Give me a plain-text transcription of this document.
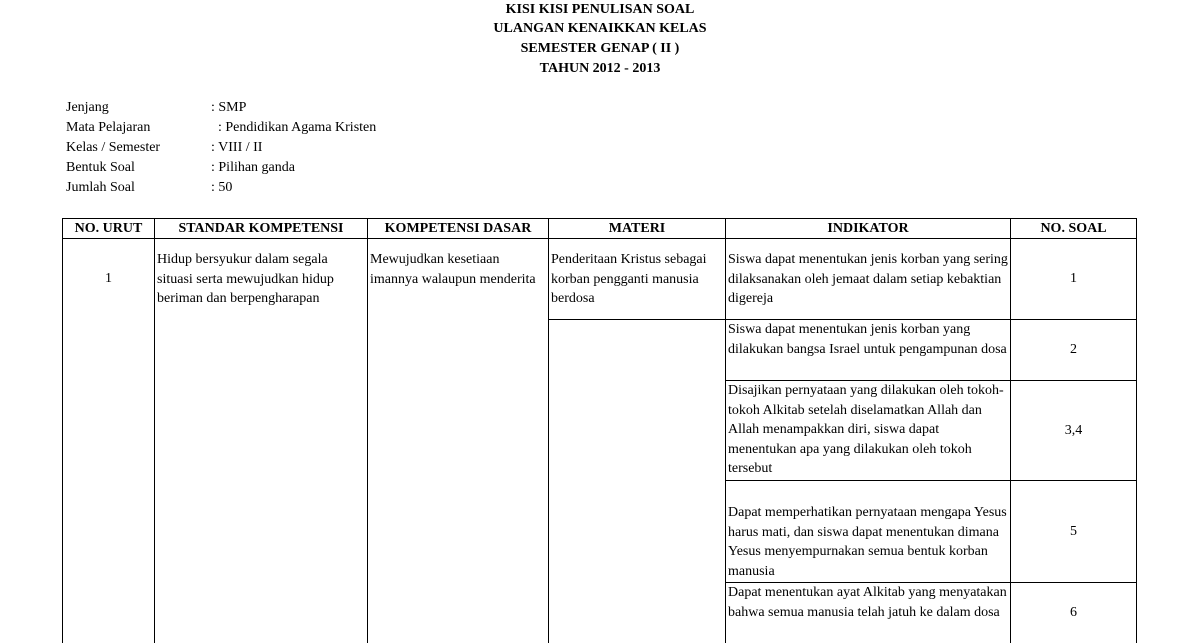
KISI KISI PENULISAN SOAL
ULANGAN KENAIKKAN KELAS
SEMESTER GENAP ( II )
TAHUN 2012 - 2013
Jenjang	: SMP
Mata Pelajaran	: Pendidikan Agama Kristen
Kelas / Semester	: VIII / II
Bentuk Soal	: Pilihan ganda
Jumlah Soal	: 50
NO. URUT	STANDAR KOMPETENSI	KOMPETENSI DASAR	MATERI	INDIKATOR	NO. SOAL
1	Hidup bersyukur dalam segala situasi serta mewujudkan hidup beriman dan berpengharapan	Mewujudkan kesetiaan imannya walaupun menderita	Penderitaan Kristus sebagai korban pengganti manusia berdosa	Siswa dapat menentukan jenis korban yang sering dilaksanakan oleh jemaat dalam setiap kebaktian digereja	1
				Siswa dapat menentukan jenis korban yang dilakukan bangsa Israel untuk pengampunan dosa	2
				Disajikan pernyataan yang dilakukan oleh tokoh-tokoh Alkitab setelah diselamatkan Allah dan Allah menampakkan diri, siswa dapat menentukan apa yang dilakukan oleh tokoh tersebut	3,4
				Dapat memperhatikan pernyataan mengapa Yesus harus mati, dan siswa dapat menentukan dimana Yesus menyempurnakan semua bentuk korban manusia	5
				Dapat menentukan ayat Alkitab yang menyatakan bahwa semua manusia telah jatuh ke dalam dosa	6
